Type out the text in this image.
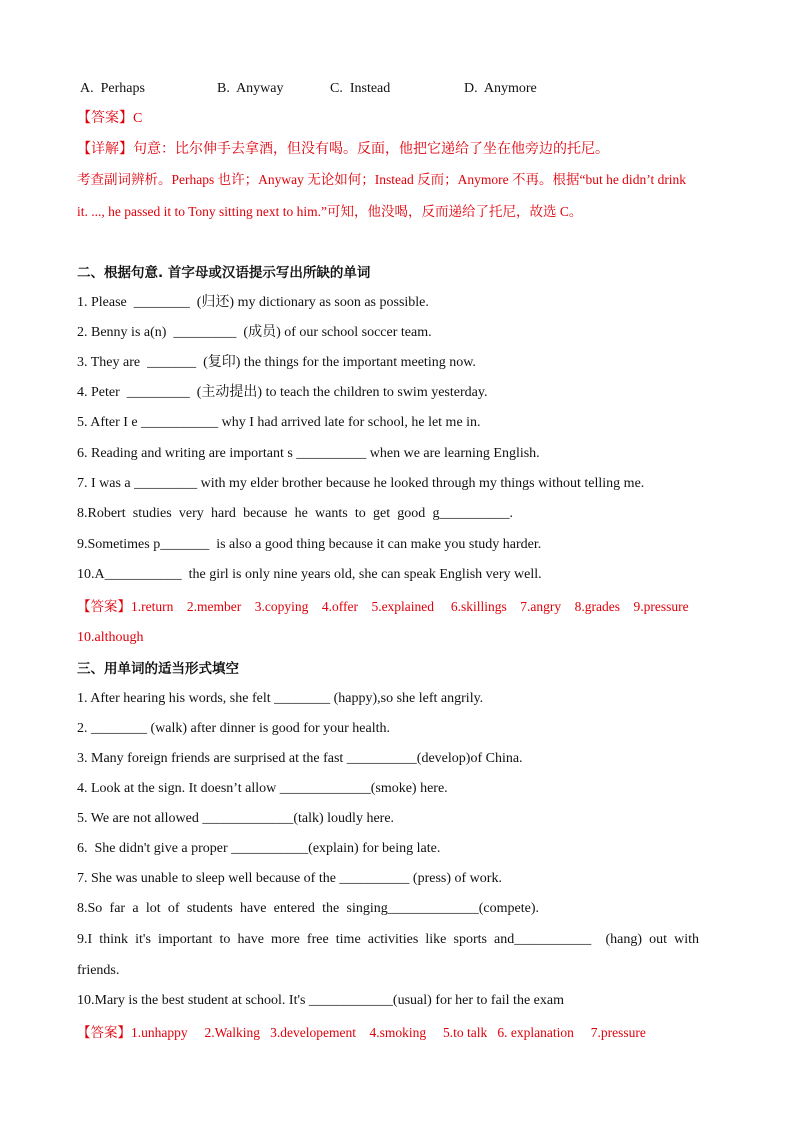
A.  Perhaps	B.  Anyway	C.  Instead	D.  Anymore
【答案】C
【详解】句意：比尔伸手去拿酒，但没有喝。反面，他把它递给了坐在他旁边的托尼。
考查副词辨析。Perhaps 也许；Anyway 无论如何；Instead 反而；Anymore 不再。根据“but he didn’t drink
it. ..., he passed it to Tony sitting next to him.”可知，他没喝，反而递给了托尼，故选 C。
二、根据句意. 首字母或汉语提示写出所缺的单词
1. Please  ________  (归还) my dictionary as soon as possible.
2. Benny is a(n)  _________  (成员) of our school soccer team.
3. They are  _______  (复印) the things for the important meeting now.
4. Peter  _________  (主动提出) to teach the children to swim yesterday.
5. After I e ___________ why I had arrived late for school, he let me in.
6. Reading and writing are important s __________ when we are learning English.
7. I was a _________ with my elder brother because he looked through my things without telling me.
8.Robert studies very hard because he wants to get good g__________.
9.Sometimes p_______  is also a good thing because it can make you study harder.
10.A___________  the girl is only nine years old, she can speak English very well.
【答案】1.return    2.member    3.copying    4.offer    5.explained     6.skillings    7.angry    8.grades    9.pressure
10.although
三、用单词的适当形式填空
1. After hearing his words, she felt ________ (happy),so she left angrily.
2. ________ (walk) after dinner is good for your health.
3. Many foreign friends are surprised at the fast __________(develop)of China.
4. Look at the sign. It doesn’t allow _____________(smoke) here.
5. We are not allowed _____________(talk) loudly here.
6.  She didn't give a proper ___________(explain) for being late.
7. She was unable to sleep well because of the __________ (press) of work.
8.So far a lot of students have entered the singing_____________(compete).
9.I think it's important to have more free time activities like sports and___________  (hang) out with
friends.
10.Mary is the best student at school. It's ____________(usual) for her to fail the exam
【答案】1.unhappy     2.Walking   3.developement    4.smoking     5.to talk   6. explanation     7.pressure
